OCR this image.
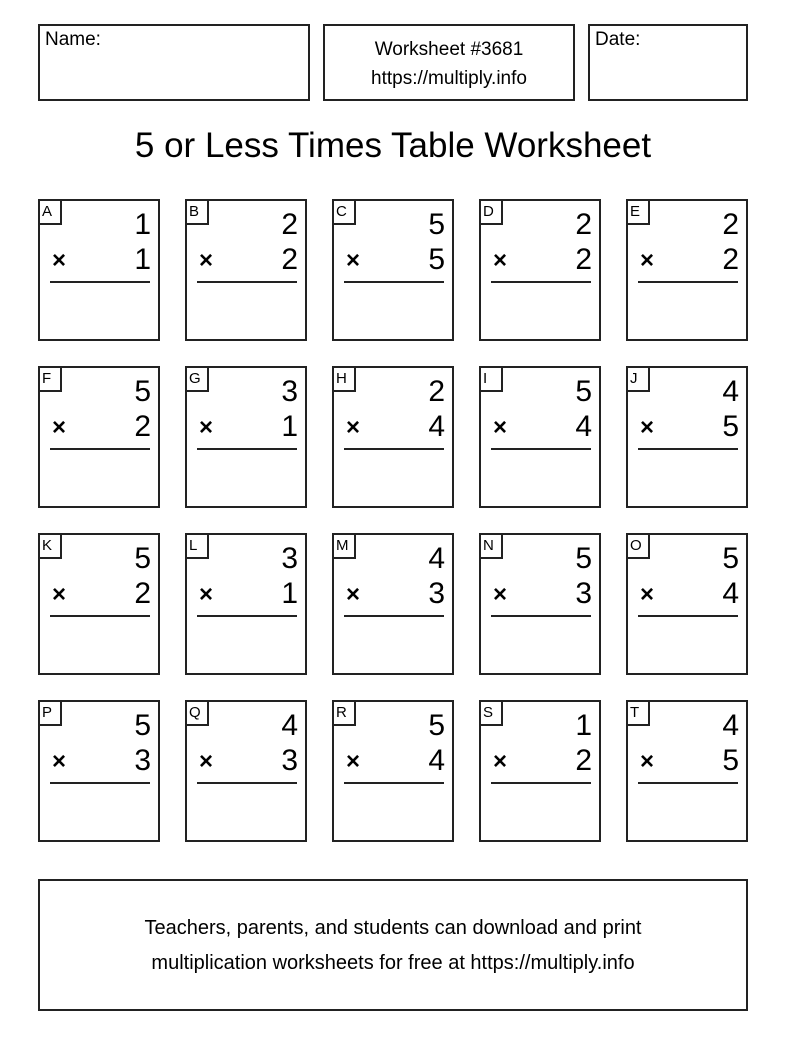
Name:	Worksheet #3681
https://multiply.info
Date:
5 or Less Times Table Worksheet
A	1
× 1
B	2
× 2
C	5
× 5
D	2
× 2
E	2
× 2
F	5
× 2
G	3
× 1
H	2
× 4
I	5
× 4
J	4
× 5
K	5
× 2
L	3
× 1
M	4
× 3
N	5
× 3
O	5
× 4
P	5
× 3
Q	4
× 3
R	5
× 4
S	1
× 2
T	4
× 5
Teachers, parents, and students can download and print
multiplication worksheets for free at https://multiply.info
